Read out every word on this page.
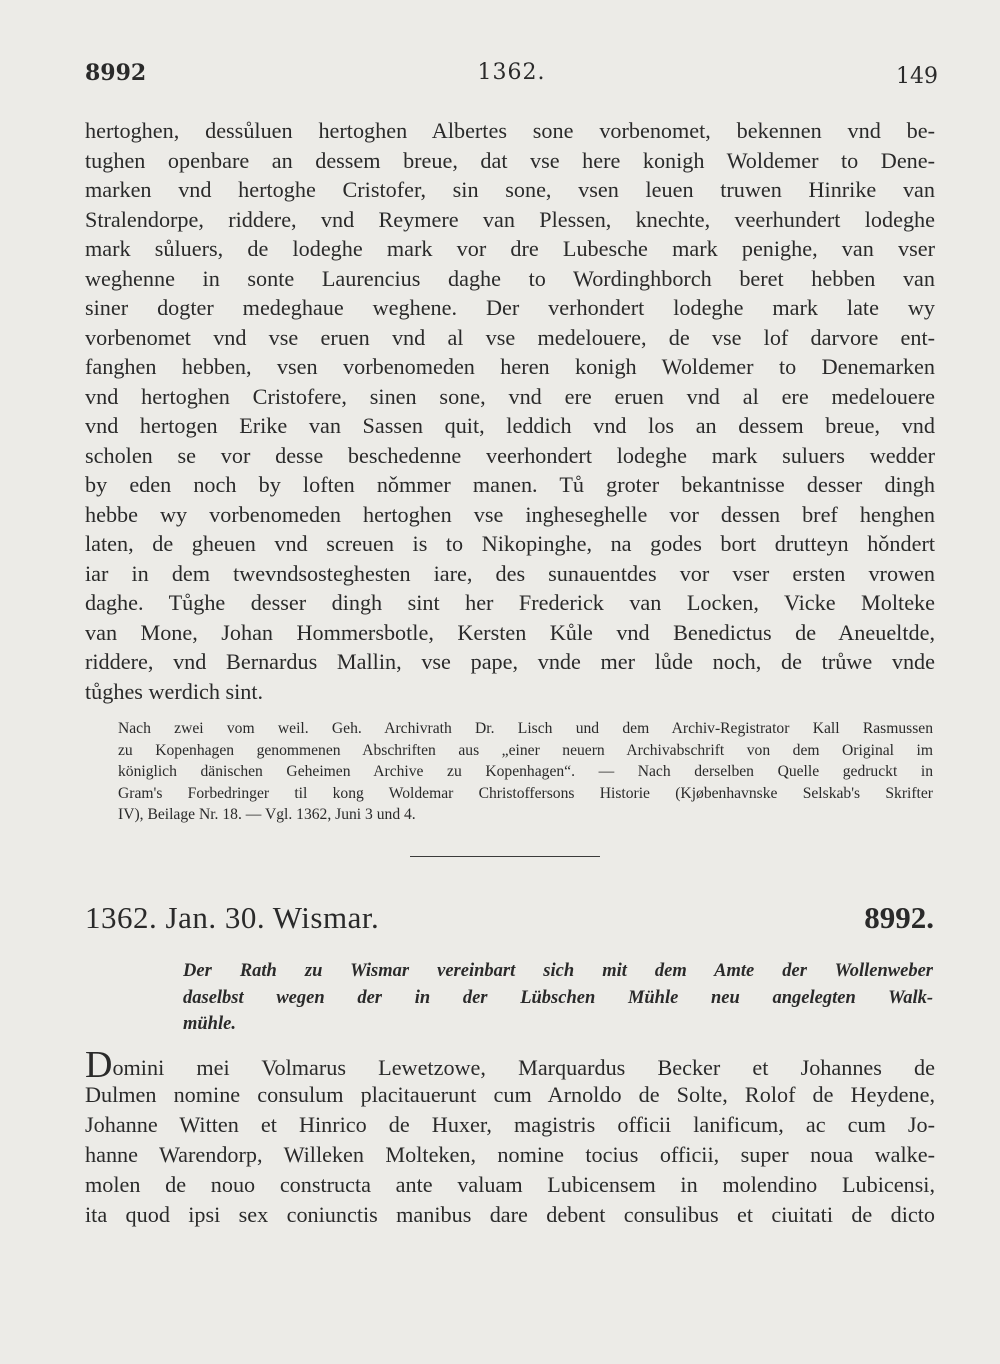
8992	1362.	149
hertoghen, dessůluen hertoghen Albertes sone vorbenomet, bekennen vnd be-
tughen openbare an dessem breue, dat vse here konigh Woldemer to Dene-
marken vnd hertoghe Cristofer, sin sone, vsen leuen truwen Hinrike van
Stralendorpe, riddere, vnd Reymere van Plessen, knechte, veerhundert lodeghe
mark sůluers, de lodeghe mark vor dre Lubesche mark penighe, van vser
weghenne in sonte Laurencius daghe to Wordinghborch beret hebben van
siner dogter medeghaue weghene. Der verhondert lodeghe mark late wy
vorbenomet vnd vse eruen vnd al vse medelouere, de vse lof darvore ent-
fanghen hebben, vsen vorbenomeden heren konigh Woldemer to Denemarken
vnd hertoghen Cristofere, sinen sone, vnd ere eruen vnd al ere medelouere
vnd hertogen Erike van Sassen quit, leddich vnd los an dessem breue, vnd
scholen se vor desse beschedenne veerhondert lodeghe mark suluers wedder
by eden noch by loften nǒmmer manen. Tů groter bekantnisse desser dingh
hebbe wy vorbenomeden hertoghen vse ingheseghelle vor dessen bref henghen
laten, de gheuen vnd screuen is to Nikopinghe, na godes bort drutteyn hǒndert
iar in dem twevndsosteghesten iare, des sunauentdes vor vser ersten vrowen
daghe. Tůghe desser dingh sint her Frederick van Locken, Vicke Molteke
van Mone, Johan Hommersbotle, Kersten Kůle vnd Benedictus de Aneueltde,
riddere, vnd Bernardus Mallin, vse pape, vnde mer lůde noch, de trůwe vnde
tůghes werdich sint.
Nach zwei vom weil. Geh. Archivrath Dr. Lisch und dem Archiv-Registrator Kall Rasmussen
zu Kopenhagen genommenen Abschriften aus „einer neuern Archivabschrift von dem Original im
königlich dänischen Geheimen Archive zu Kopenhagen“. — Nach derselben Quelle gedruckt in
Gram's Forbedringer til kong Woldemar Christoffersons Historie (Kjøbenhavnske Selskab's Skrifter
IV), Beilage Nr. 18. — Vgl. 1362, Juni 3 und 4.
1362. Jan. 30. Wismar.	8992.
Der Rath zu Wismar vereinbart sich mit dem Amte der Wollenweber
daselbst wegen der in der Lübschen Mühle neu angelegten Walk-
mühle.
Domini mei Volmarus Lewetzowe, Marquardus Becker et Johannes de
Dulmen nomine consulum placitauerunt cum Arnoldo de Solte, Rolof de Heydene,
Johanne Witten et Hinrico de Huxer, magistris officii lanificum, ac cum Jo-
hanne Warendorp, Willeken Molteken, nomine tocius officii, super noua walke-
molen de nouo constructa ante valuam Lubicensem in molendino Lubicensi,
ita quod ipsi sex coniunctis manibus dare debent consulibus et ciuitati de dicto
